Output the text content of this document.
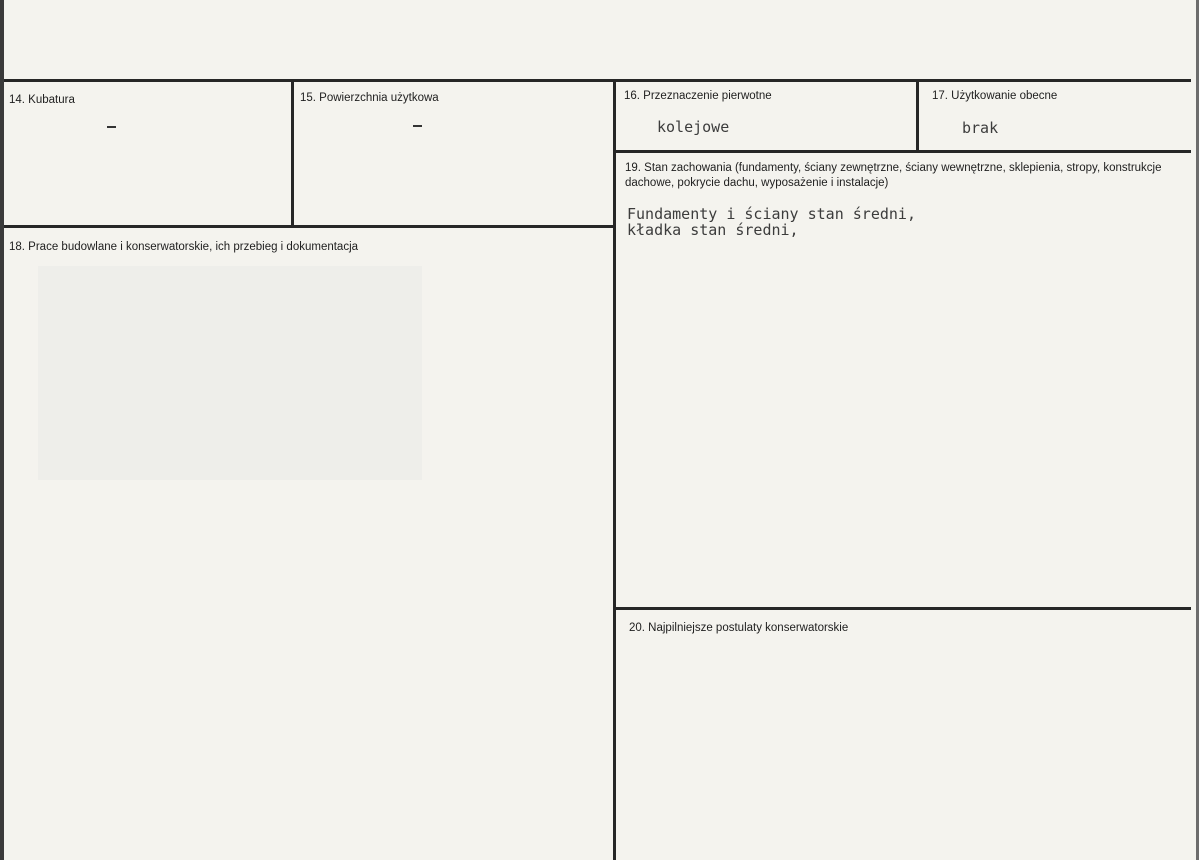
14. Kubatura	15. Powierzchnia użytkowa	16. Przeznaczenie pierwotne
kolejowe
17. Użytkowanie obecne
brak
18. Prace budowlane i konserwatorskie, ich przebieg i dokumentacja
19. Stan zachowania (fundamenty, ściany zewnętrzne, ściany wewnętrzne, sklepienia, stropy, konstrukcje dachowe, pokrycie dachu, wyposażenie i instalacje)
Fundamenty i ściany stan średni,
kładka stan średni,
20. Najpilniejsze postulaty konserwatorskie
